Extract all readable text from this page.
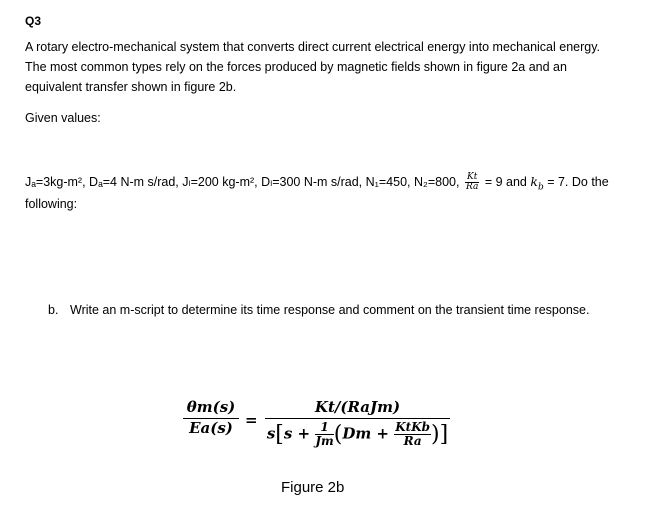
Q3
A rotary electro-mechanical system that converts direct current electrical energy into mechanical energy.
The most common types rely on the forces produced by magnetic fields shown in figure 2a and an
equivalent transfer shown in figure 2b.
Given values:
Jₐ=3kg-m², Dₐ=4 N-m s/rad, Jₗ=200 kg-m², Dₗ=300 N-m s/rad, N₁=450, N₂=800, $\frac{Kt}{Ra} = 9$ and $k_b = 7$. Do the
following:
b. Write an m-script to determine its time response and comment on the transient time response.
$\frac{\theta m(s)}{Ea(s)}$ =
Kt/(RaJm)
$s[s + \frac{1}{Jm} (Dm$ + KtKb
Ra )]
Figure 2b
